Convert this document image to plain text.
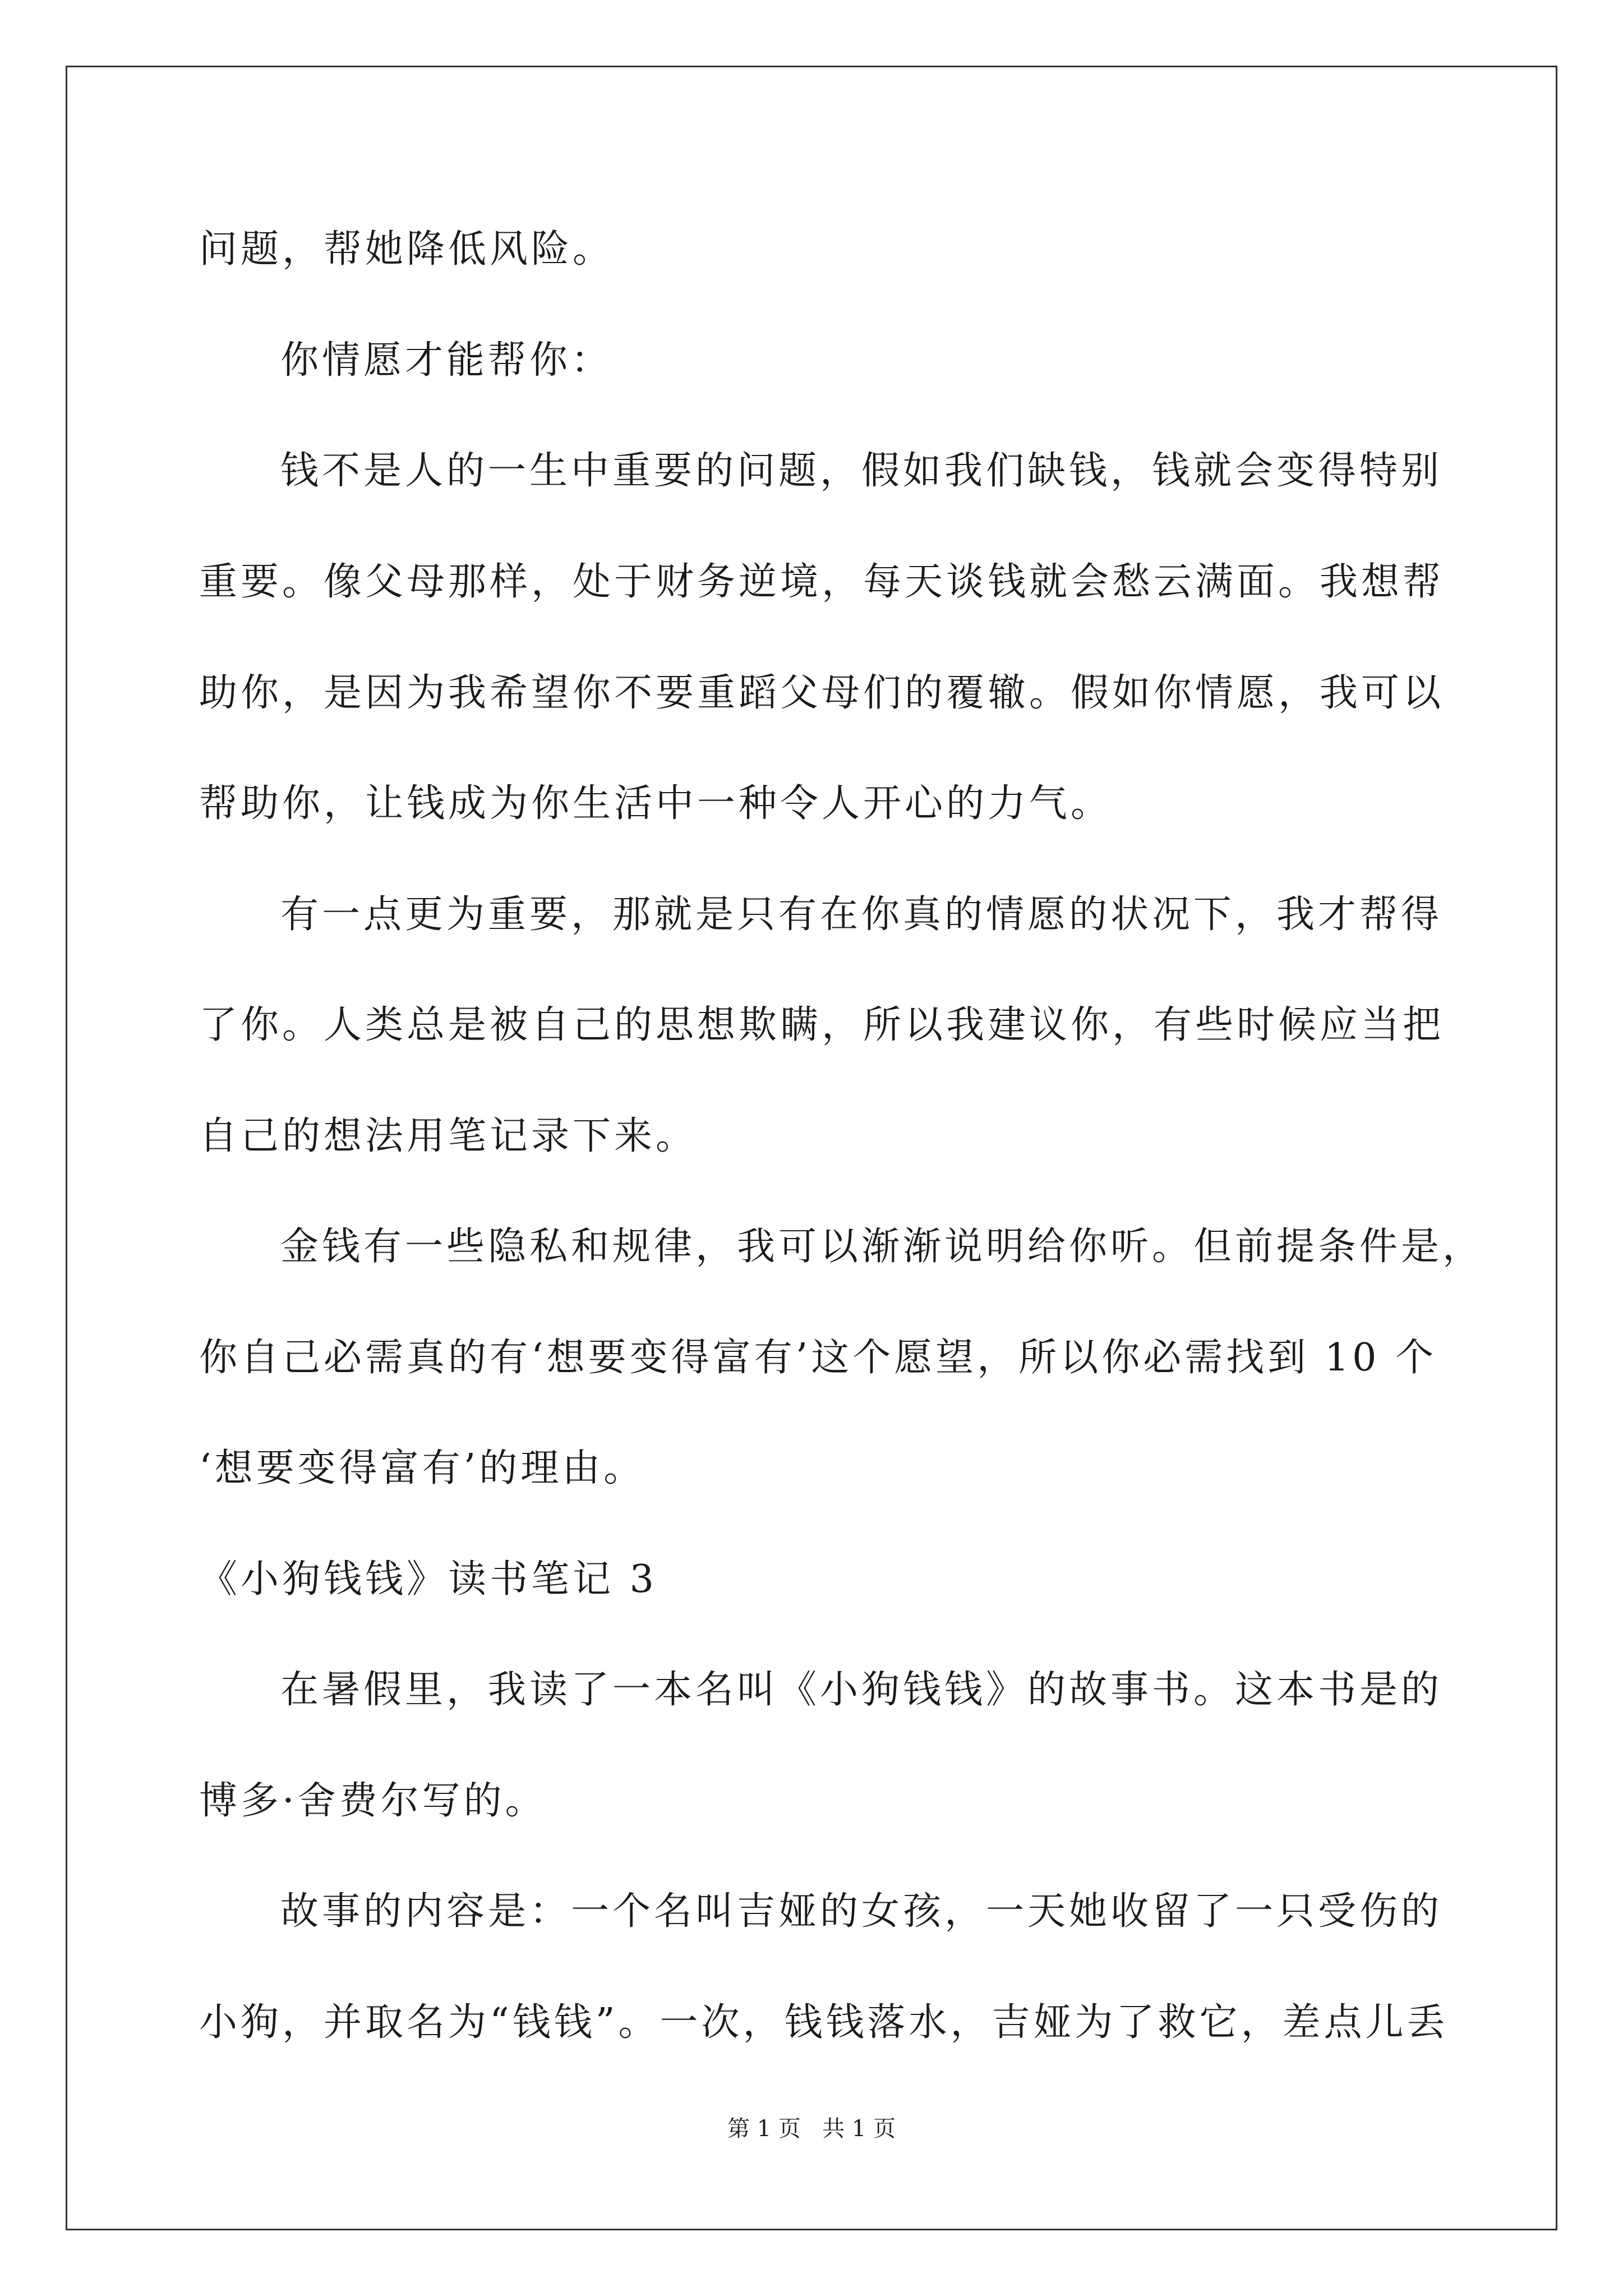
问题，帮她降低风险。
你情愿才能帮你：
钱不是人的一生中重要的问题，假如我们缺钱，钱就会变得特别
重要。像父母那样，处于财务逆境，每天谈钱就会愁云满面。我想帮
助你，是因为我希望你不要重蹈父母们的覆辙。假如你情愿，我可以
帮助你，让钱成为你生活中一种令人开心的力气。
有一点更为重要，那就是只有在你真的情愿的状况下，我才帮得
了你。人类总是被自己的思想欺瞒，所以我建议你，有些时候应当把
自己的想法用笔记录下来。
金钱有一些隐私和规律，我可以渐渐说明给你听。但前提条件是，
你自己必需真的有‘想要变得富有’这个愿望，所以你必需找到 10 个
‘想要变得富有’的理由。
《小狗钱钱》读书笔记 3
在暑假里，我读了一本名叫《小狗钱钱》的故事书。这本书是的
博多·舍费尔写的。
故事的内容是：一个名叫吉娅的女孩，一天她收留了一只受伤的
小狗，并取名为“钱钱”。一次，钱钱落水，吉娅为了救它，差点儿丢
第 1 页   共 1 页
